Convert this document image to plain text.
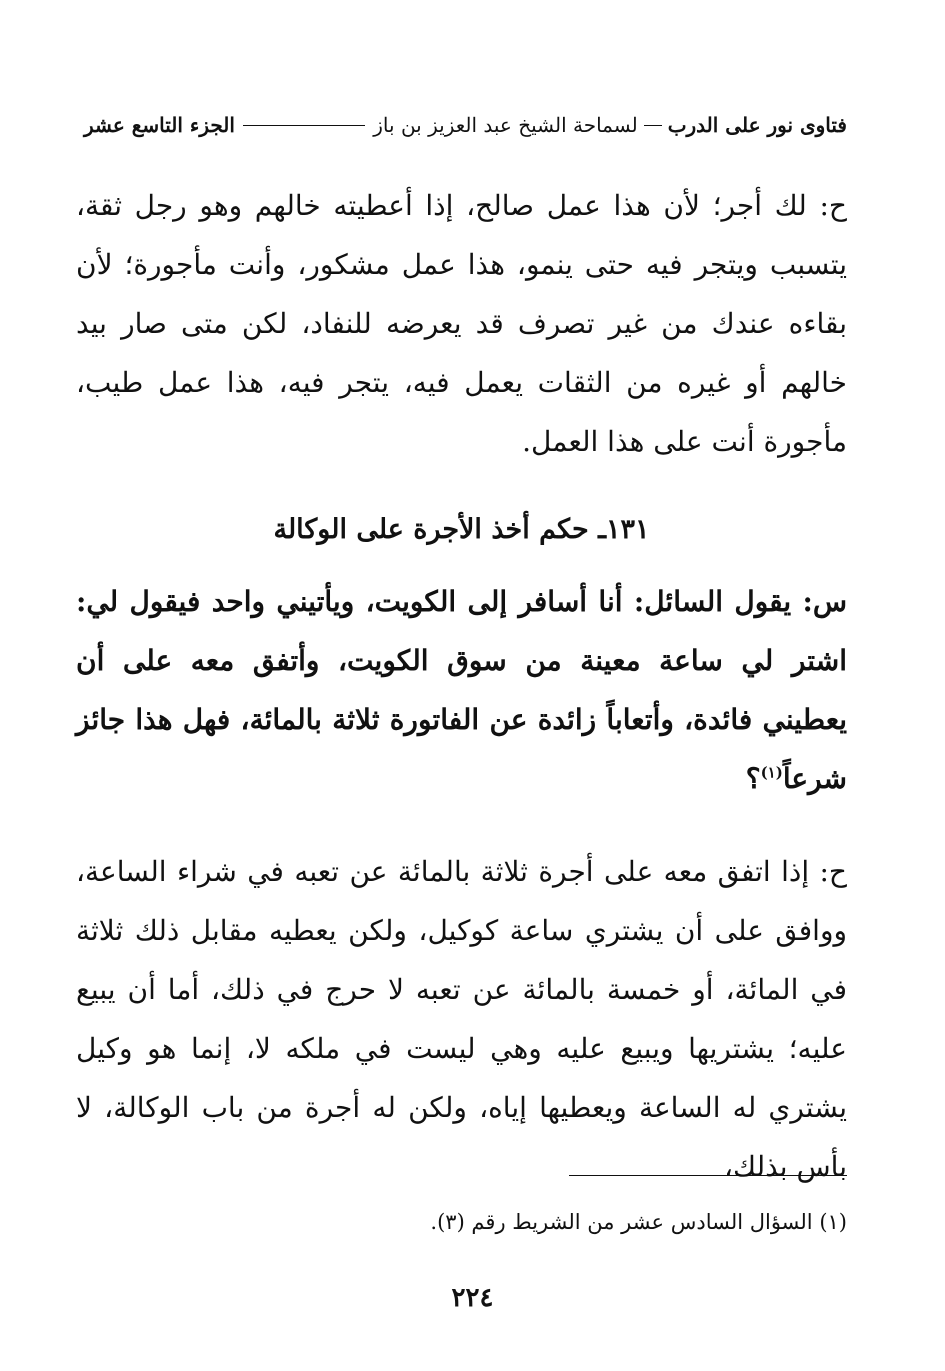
فتاوى نور على الدرب
لسماحة الشيخ عبد العزيز بن باز
الجزء التاسع عشر

ح: لك أجر؛ لأن هذا عمل صالح، إذا أعطيته خالهم وهو رجل ثقة، يتسبب ويتجر فيه حتى ينمو، هذا عمل مشكور، وأنت مأجورة؛ لأن بقاءه عندك من غير تصرف قد يعرضه للنفاد، لكن متى صار بيد خالهم أو غيره من الثقات يعمل فيه، يتجر فيه، هذا عمل طيب، مأجورة أنت على هذا العمل.

١٣١ـ حكم أخذ الأجرة على الوكالة

س: يقول السائل: أنا أسافر إلى الكويت، ويأتيني واحد فيقول لي: اشتر لي ساعة معينة من سوق الكويت، وأتفق معه على أن يعطيني فائدة، وأتعاباً زائدة عن الفاتورة ثلاثة بالمائة، فهل هذا جائز شرعاً$^{(١)}$؟

ح: إذا اتفق معه على أجرة ثلاثة بالمائة عن تعبه في شراء الساعة، ووافق على أن يشتري ساعة كوكيل، ولكن يعطيه مقابل ذلك ثلاثة في المائة، أو خمسة بالمائة عن تعبه لا حرج في ذلك، أما أن يبيع عليه؛ يشتريها ويبيع عليه وهي ليست في ملكه لا، إنما هو وكيل يشتري له الساعة ويعطيها إياه، ولكن له أجرة من باب الوكالة، لا بأس بذلك،

(١) السؤال السادس عشر من الشريط رقم (٣).

٢٢٤
